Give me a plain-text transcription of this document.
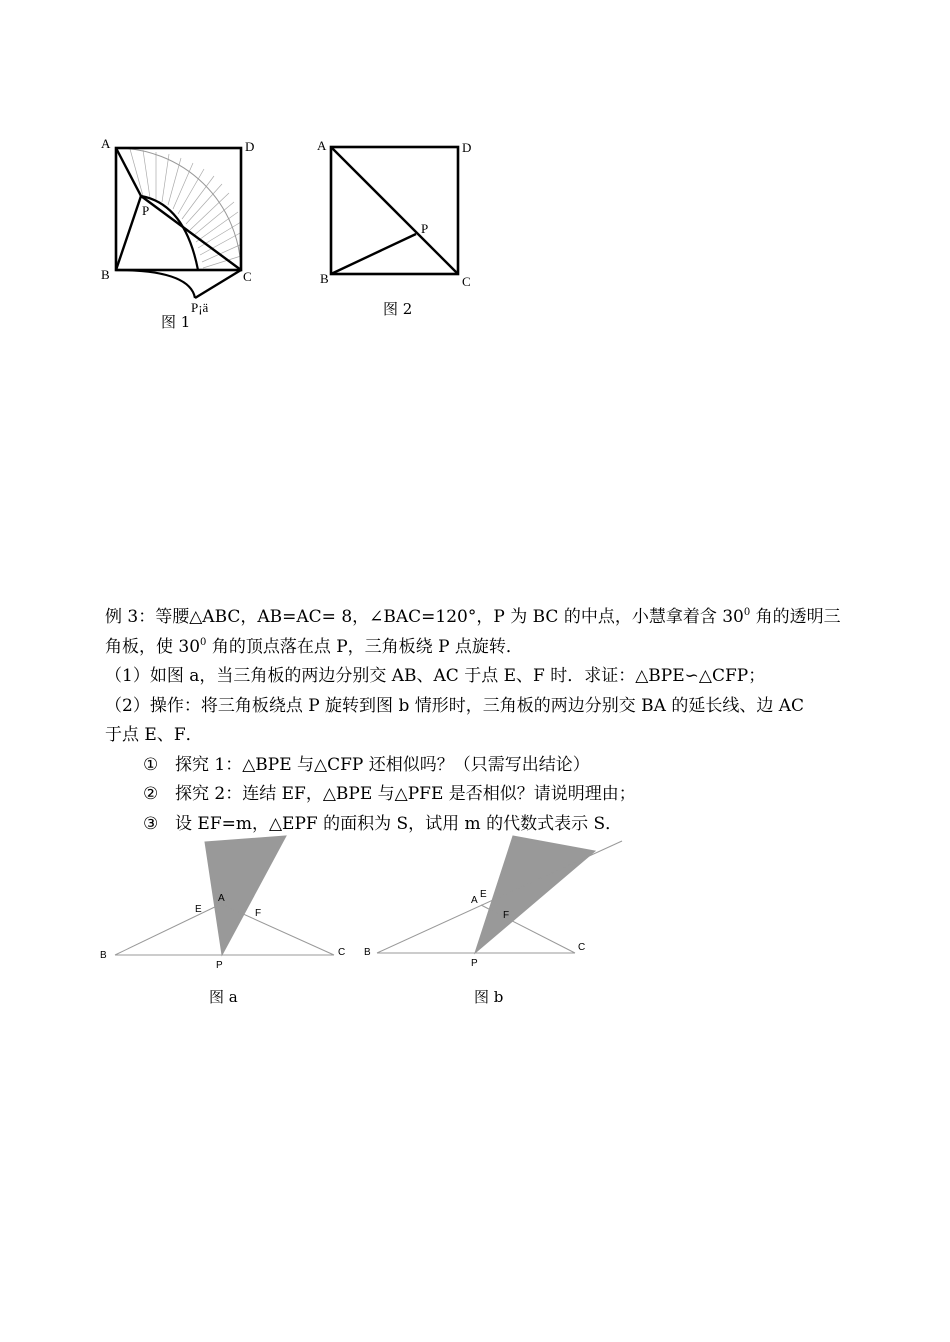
A	D
B	C
P
P¡ä
图 1
A	D
B	C
P
图 2

例 3：等腰△ABC，AB=AC= 8，∠BAC=120°，P 为 BC 的中点，小慧拿着含 $30^0$ 角的透明三

角板，使 $30^0$ 角的顶点落在点 P，三角板绕 P 点旋转．

（1）如图 a，当三角板的两边分别交 AB、AC 于点 E、F 时．求证：△BPE∽△CFP；

（2）操作：将三角板绕点 P 旋转到图 b 情形时，三角板的两边分别交 BA 的延长线、边 AC

于点 E、F．

① 探究 1：△BPE 与△CFP 还相似吗？（只需写出结论）

② 探究 2：连结 EF，△BPE 与△PFE 是否相似？请说明理由；

③ 设 EF=m，△EPF 的面积为 S，试用 m 的代数式表示 S．

A
E	F
B	C
P
图 a
A
E
F
B	C
P
图 b
